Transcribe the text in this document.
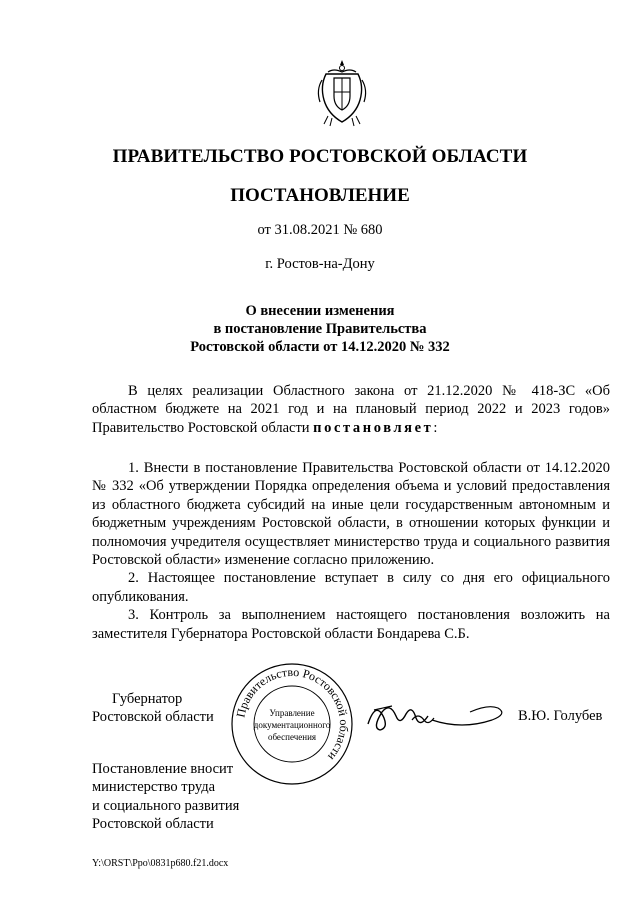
ПРАВИТЕЛЬСТВО РОСТОВСКОЙ ОБЛАСТИ
ПОСТАНОВЛЕНИЕ
от 31.08.2021 № 680
г. Ростов-на-Дону
О внесении изменения
в постановление Правительства
Ростовской области от 14.12.2020 № 332

В целях реализации Областного закона от 21.12.2020 № 418-ЗС «Об областном бюджете на 2021 год и на плановый период 2022 и 2023 годов» Правительство Ростовской области постановляет:

1. Внести в постановление Правительства Ростовской области от 14.12.2020 № 332 «Об утверждении Порядка определения объема и условий предоставления из областного бюджета субсидий на иные цели государственным автономным и бюджетным учреждениям Ростовской области, в отношении которых функции и полномочия учредителя осуществляет министерство труда и социального развития Ростовской области» изменение согласно приложению.

2. Настоящее постановление вступает в силу со дня его официального опубликования.

3. Контроль за выполнением настоящего постановления возложить на заместителя Губернатора Ростовской области Бондарева С.Б.

Губернатор
Ростовской области Правительство Ростовской области
Управление
документационного
обеспечения
В.Ю. Голубев
Постановление вносит
министерство труда
и социального развития
Ростовской области
Y:\ORST\Ppo\0831p680.f21.docx
